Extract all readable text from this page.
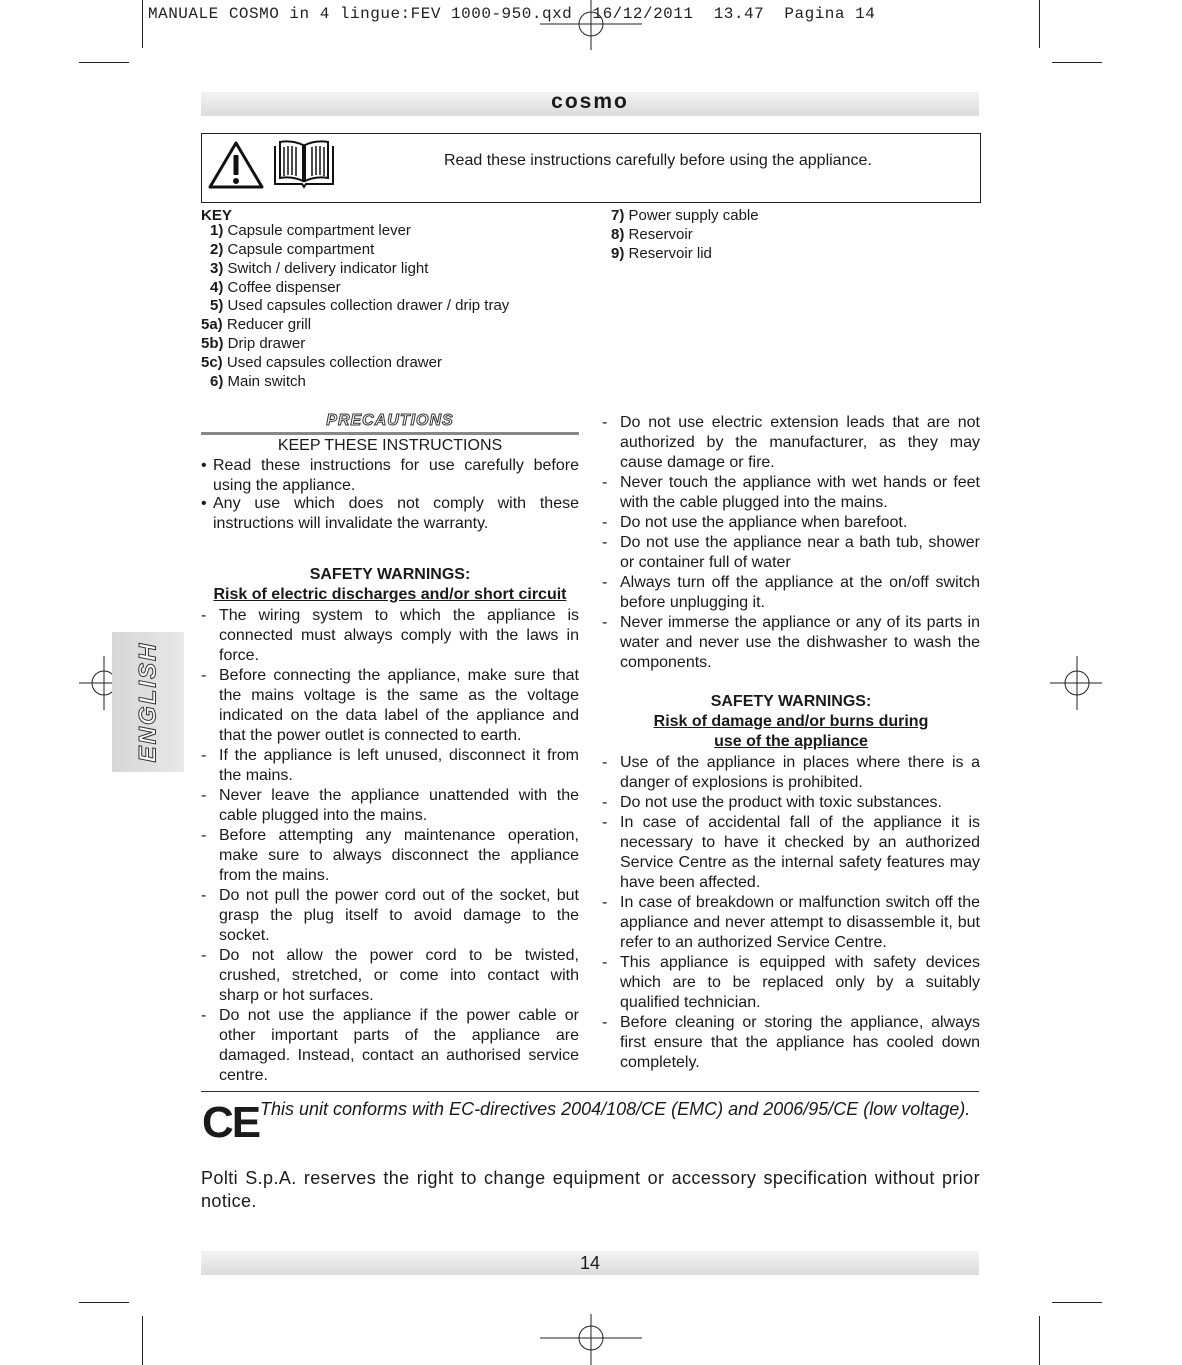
MANUALE COSMO in 4 lingue:FEV 1000-950.qxd  16/12/2011  13.47  Pagina 14
cosmo
Read these instructions carefully before using the appliance.
KEY
1) Capsule compartment lever
2) Capsule compartment
3) Switch / delivery indicator light
4) Coffee dispenser
5) Used capsules collection drawer / drip tray
5a) Reducer grill
5b) Drip drawer
5c) Used capsules collection drawer
6) Main switch
7) Power supply cable
8) Reservoir
9) Reservoir lid
PRECAUTIONS
KEEP THESE INSTRUCTIONS
• Read these instructions for use carefully before using the appliance.
• Any use which does not comply with these instructions will invalidate the warranty.
SAFETY WARNINGS:
Risk of electric discharges and/or short circuit
- The wiring system to which the appliance is connected must always comply with the laws in force.
- Before connecting the appliance, make sure that the mains voltage is the same as the voltage indicated on the data label of the appliance and that the power outlet is connected to earth.
- If the appliance is left unused, disconnect it from the mains.
- Never leave the appliance unattended with the cable plugged into the mains.
- Before attempting any maintenance operation, make sure to always disconnect the appliance from the mains.
- Do not pull the power cord out of the socket, but grasp the plug itself to avoid damage to the socket.
- Do not allow the power cord to be twisted, crushed, stretched, or come into contact with sharp or hot surfaces.
- Do not use the appliance if the power cable or other important parts of the appliance are damaged. Instead, contact an authorised service centre.
- Do not use electric extension leads that are not authorized by the manufacturer, as they may cause damage or fire.
- Never touch the appliance with wet hands or feet with the cable plugged into the mains.
- Do not use the appliance when barefoot.
- Do not use the appliance near a bath tub, shower or container full of water
- Always turn off the appliance at the on/off switch before unplugging it.
- Never immerse the appliance or any of its parts in water and never use the dishwasher to wash the components.
SAFETY WARNINGS:
Risk of damage and/or burns during
use of the appliance
- Use of the appliance in places where there is a danger of explosions is prohibited.
- Do not use the product with toxic substances.
- In case of accidental fall of the appliance it is necessary to have it checked by an authorized Service Centre as the internal safety features may have been affected.
- In case of breakdown or malfunction switch off the appliance and never attempt to disassemble it, but refer to an authorized Service Centre.
- This appliance is equipped with safety devices which are to be replaced only by a suitably qualified technician.
- Before cleaning or storing the appliance, always first ensure that the appliance has cooled down completely.
ENGLISH
CE This unit conforms with EC-directives 2004/108/CE (EMC) and 2006/95/CE (low voltage).
Polti S.p.A. reserves the right to change equipment or accessory specification without prior notice.
14
